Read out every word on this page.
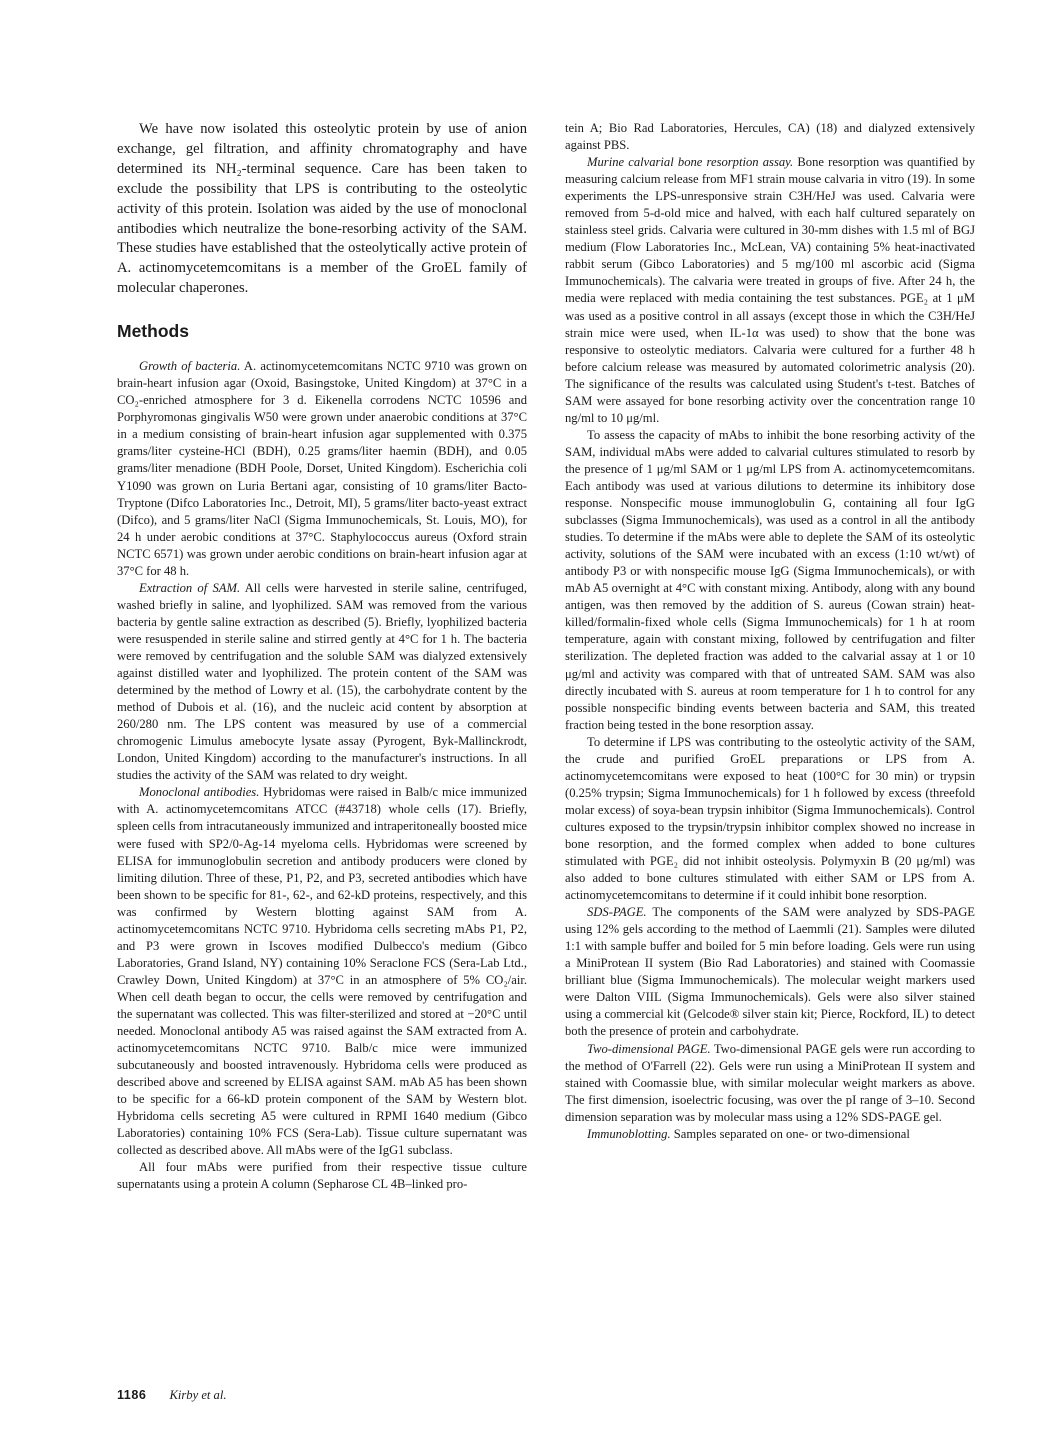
We have now isolated this osteolytic protein by use of anion exchange, gel filtration, and affinity chromatography and have determined its NH₂-terminal sequence. Care has been taken to exclude the possibility that LPS is contributing to the osteolytic activity of this protein. Isolation was aided by the use of monoclonal antibodies which neutralize the bone-resorbing activity of the SAM. These studies have established that the osteolytically active protein of A. actinomycetemcomitans is a member of the GroEL family of molecular chaperones.

Methods

Growth of bacteria. A. actinomycetemcomitans NCTC 9710 was grown on brain-heart infusion agar (Oxoid, Basingstoke, United Kingdom) at 37°C in a CO₂-enriched atmosphere for 3 d. Eikenella corrodens NCTC 10596 and Porphyromonas gingivalis W50 were grown under anaerobic conditions at 37°C in a medium consisting of brain-heart infusion agar supplemented with 0.375 grams/liter cysteine-HCl (BDH), 0.25 grams/liter haemin (BDH), and 0.05 grams/liter menadione (BDH Poole, Dorset, United Kingdom). Escherichia coli Y1090 was grown on Luria Bertani agar, consisting of 10 grams/liter Bacto-Tryptone (Difco Laboratories Inc., Detroit, MI), 5 grams/liter bacto-yeast extract (Difco), and 5 grams/liter NaCl (Sigma Immunochemicals, St. Louis, MO), for 24 h under aerobic conditions at 37°C. Staphylococcus aureus (Oxford strain NCTC 6571) was grown under aerobic conditions on brain-heart infusion agar at 37°C for 48 h.

Extraction of SAM. All cells were harvested in sterile saline, centrifuged, washed briefly in saline, and lyophilized. SAM was removed from the various bacteria by gentle saline extraction as described (5). Briefly, lyophilized bacteria were resuspended in sterile saline and stirred gently at 4°C for 1 h. The bacteria were removed by centrifugation and the soluble SAM was dialyzed extensively against distilled water and lyophilized. The protein content of the SAM was determined by the method of Lowry et al. (15), the carbohydrate content by the method of Dubois et al. (16), and the nucleic acid content by absorption at 260/280 nm. The LPS content was measured by use of a commercial chromogenic Limulus amebocyte lysate assay (Pyrogent, Byk-Mallinckrodt, London, United Kingdom) according to the manufacturer's instructions. In all studies the activity of the SAM was related to dry weight.

Monoclonal antibodies. Hybridomas were raised in Balb/c mice immunized with A. actinomycetemcomitans ATCC (#43718) whole cells (17). Briefly, spleen cells from intracutaneously immunized and intraperitoneally boosted mice were fused with SP2/0-Ag-14 myeloma cells. Hybridomas were screened by ELISA for immunoglobulin secretion and antibody producers were cloned by limiting dilution. Three of these, P1, P2, and P3, secreted antibodies which have been shown to be specific for 81-, 62-, and 62-kD proteins, respectively, and this was confirmed by Western blotting against SAM from A. actinomycetemcomitans NCTC 9710. Hybridoma cells secreting mAbs P1, P2, and P3 were grown in Iscoves modified Dulbecco's medium (Gibco Laboratories, Grand Island, NY) containing 10% Seraclone FCS (Sera-Lab Ltd., Crawley Down, United Kingdom) at 37°C in an atmosphere of 5% CO₂/air. When cell death began to occur, the cells were removed by centrifugation and the supernatant was collected. This was filter-sterilized and stored at −20°C until needed. Monoclonal antibody A5 was raised against the SAM extracted from A. actinomycetemcomitans NCTC 9710. Balb/c mice were immunized subcutaneously and boosted intravenously. Hybridoma cells were produced as described above and screened by ELISA against SAM. mAb A5 has been shown to be specific for a 66-kD protein component of the SAM by Western blot. Hybridoma cells secreting A5 were cultured in RPMI 1640 medium (Gibco Laboratories) containing 10% FCS (Sera-Lab). Tissue culture supernatant was collected as described above. All mAbs were of the IgG1 subclass.

All four mAbs were purified from their respective tissue culture supernatants using a protein A column (Sepharose CL 4B–linked pro-

tein A; Bio Rad Laboratories, Hercules, CA) (18) and dialyzed extensively against PBS.

Murine calvarial bone resorption assay. Bone resorption was quantified by measuring calcium release from MF1 strain mouse calvaria in vitro (19). In some experiments the LPS-unresponsive strain C3H/HeJ was used. Calvaria were removed from 5-d-old mice and halved, with each half cultured separately on stainless steel grids. Calvaria were cultured in 30-mm dishes with 1.5 ml of BGJ medium (Flow Laboratories Inc., McLean, VA) containing 5% heat-inactivated rabbit serum (Gibco Laboratories) and 5 mg/100 ml ascorbic acid (Sigma Immunochemicals). The calvaria were treated in groups of five. After 24 h, the media were replaced with media containing the test substances. PGE₂ at 1 μM was used as a positive control in all assays (except those in which the C3H/HeJ strain mice were used, when IL-1α was used) to show that the bone was responsive to osteolytic mediators. Calvaria were cultured for a further 48 h before calcium release was measured by automated colorimetric analysis (20). The significance of the results was calculated using Student's t-test. Batches of SAM were assayed for bone resorbing activity over the concentration range 10 ng/ml to 10 μg/ml.

To assess the capacity of mAbs to inhibit the bone resorbing activity of the SAM, individual mAbs were added to calvarial cultures stimulated to resorb by the presence of 1 μg/ml SAM or 1 μg/ml LPS from A. actinomycetemcomitans. Each antibody was used at various dilutions to determine its inhibitory dose response. Nonspecific mouse immunoglobulin G, containing all four IgG subclasses (Sigma Immunochemicals), was used as a control in all the antibody studies. To determine if the mAbs were able to deplete the SAM of its osteolytic activity, solutions of the SAM were incubated with an excess (1:10 wt/wt) of antibody P3 or with nonspecific mouse IgG (Sigma Immunochemicals), or with mAb A5 overnight at 4°C with constant mixing. Antibody, along with any bound antigen, was then removed by the addition of S. aureus (Cowan strain) heat-killed/formalin-fixed whole cells (Sigma Immunochemicals) for 1 h at room temperature, again with constant mixing, followed by centrifugation and filter sterilization. The depleted fraction was added to the calvarial assay at 1 or 10 μg/ml and activity was compared with that of untreated SAM. SAM was also directly incubated with S. aureus at room temperature for 1 h to control for any possible nonspecific binding events between bacteria and SAM, this treated fraction being tested in the bone resorption assay.

To determine if LPS was contributing to the osteolytic activity of the SAM, the crude and purified GroEL preparations or LPS from A. actinomycetemcomitans were exposed to heat (100°C for 30 min) or trypsin (0.25% trypsin; Sigma Immunochemicals) for 1 h followed by excess (threefold molar excess) of soya-bean trypsin inhibitor (Sigma Immunochemicals). Control cultures exposed to the trypsin/trypsin inhibitor complex showed no increase in bone resorption, and the formed complex when added to bone cultures stimulated with PGE₂ did not inhibit osteolysis. Polymyxin B (20 μg/ml) was also added to bone cultures stimulated with either SAM or LPS from A. actinomycetemcomitans to determine if it could inhibit bone resorption.

SDS-PAGE. The components of the SAM were analyzed by SDS-PAGE using 12% gels according to the method of Laemmli (21). Samples were diluted 1:1 with sample buffer and boiled for 5 min before loading. Gels were run using a MiniProtean II system (Bio Rad Laboratories) and stained with Coomassie brilliant blue (Sigma Immunochemicals). The molecular weight markers used were Dalton VIIL (Sigma Immunochemicals). Gels were also silver stained using a commercial kit (Gelcode® silver stain kit; Pierce, Rockford, IL) to detect both the presence of protein and carbohydrate.

Two-dimensional PAGE. Two-dimensional PAGE gels were run according to the method of O'Farrell (22). Gels were run using a MiniProtean II system and stained with Coomassie blue, with similar molecular weight markers as above. The first dimension, isoelectric focusing, was over the pI range of 3–10. Second dimension separation was by molecular mass using a 12% SDS-PAGE gel.

Immunoblotting. Samples separated on one- or two-dimensional

1186 Kirby et al.
